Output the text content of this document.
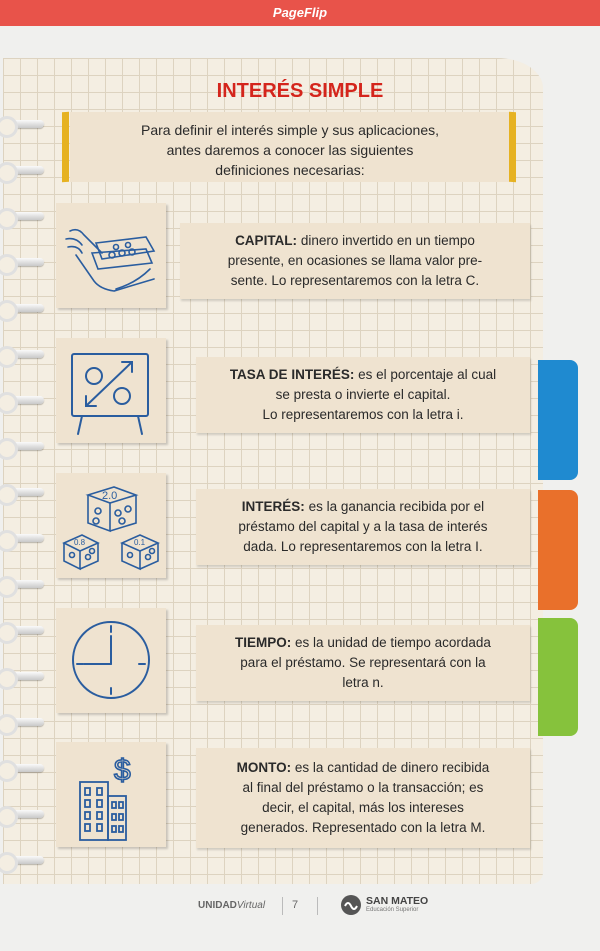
PageFlip
INTERÉS SIMPLE

Para definir el interés simple y sus aplicaciones,
antes daremos a conocer las siguientes
definiciones necesarias:

CAPITAL: dinero invertido en un tiempo
presente, en ocasiones se llama valor pre-
sente. Lo representaremos con la letra C.

TASA DE INTERÉS: es el porcentaje al cual
se presta o invierte el capital.
Lo representaremos con la letra i.

2.0
0.8	0.1

INTERÉS: es la ganancia recibida por el
préstamo del capital y a la tasa de interés
dada. Lo representaremos con la letra I.

TIEMPO: es la unidad de tiempo acordada
para el préstamo. Se representará con la
letra n.

$	MONTO: es la cantidad de dinero recibida
al final del préstamo o la transacción; es
decir, el capital, más los intereses
generados. Representado con la letra M.

UNIDADVirtual 7	SAN MATEO
Educación Superior
